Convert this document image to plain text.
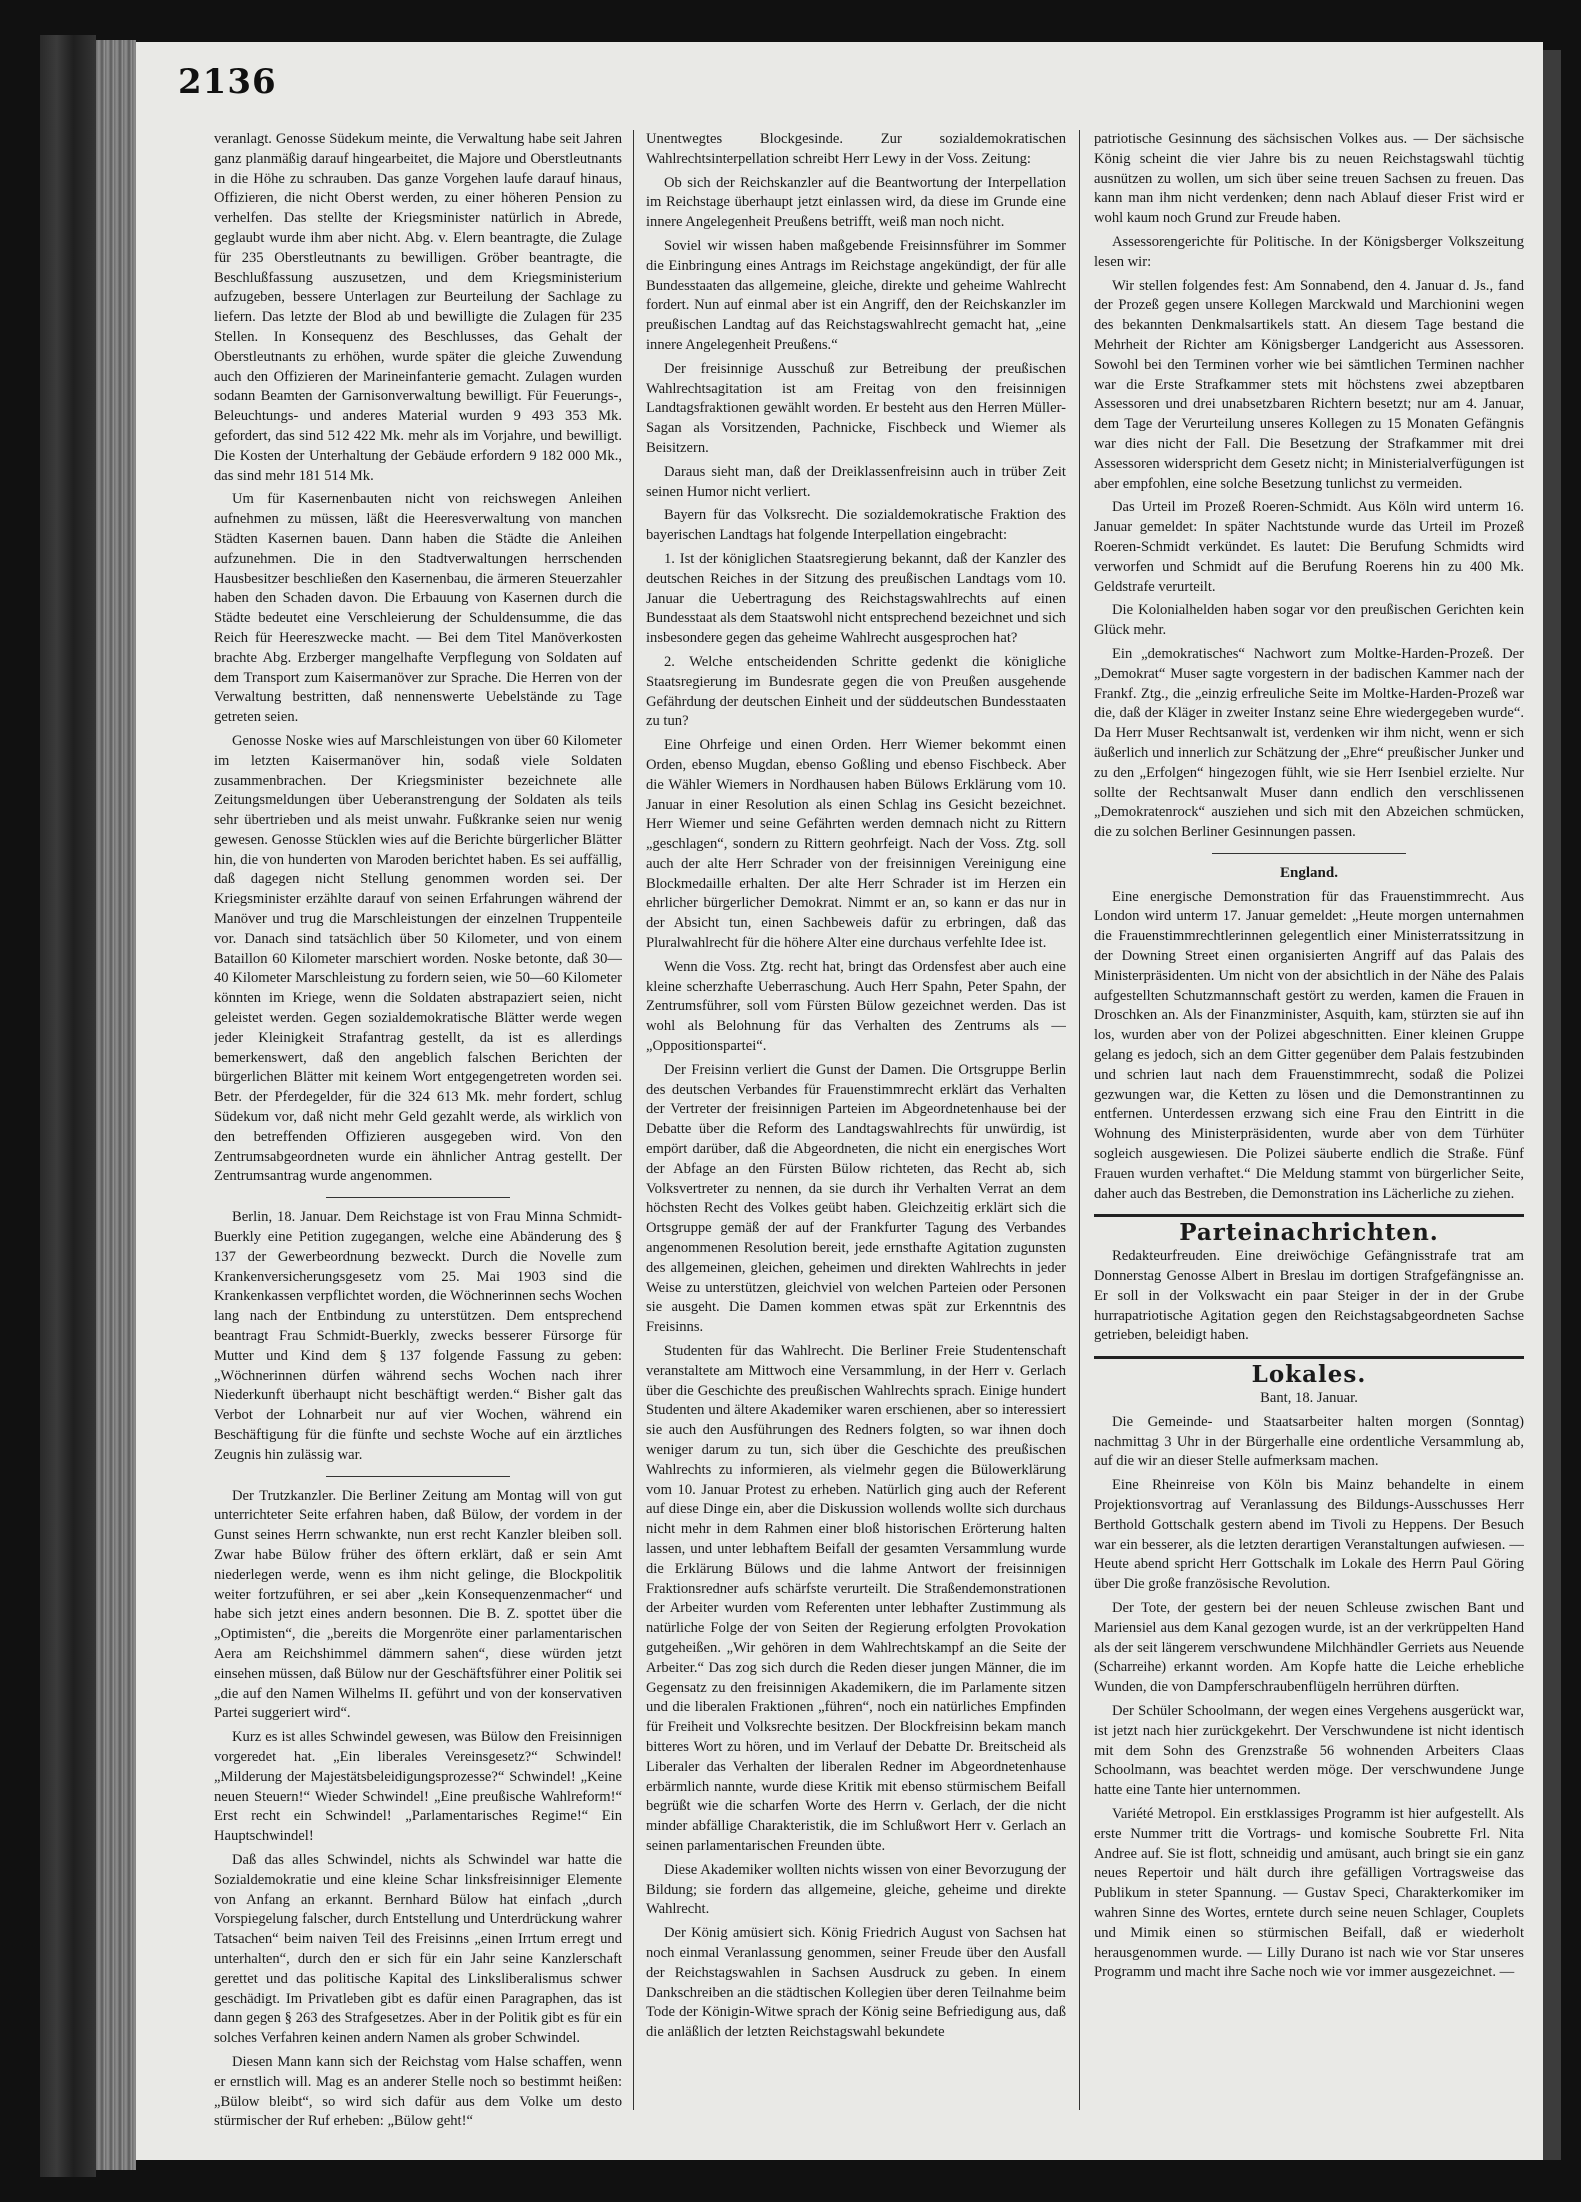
2136

veranlagt. Genosse Südekum meinte, die Verwaltung habe seit Jahren ganz planmäßig darauf hingearbeitet, die Majore und Oberstleutnants in die Höhe zu schrauben. Das ganze Vorgehen laufe darauf hinaus, Offizieren, die nicht Oberst werden, zu einer höheren Pension zu verhelfen. Das stellte der Kriegsminister natürlich in Abrede, geglaubt wurde ihm aber nicht. Abg. v. Elern beantragte, die Zulage für 235 Oberstleutnants zu bewilligen. Gröber beantragte, die Beschlußfassung auszusetzen, und dem Kriegsministerium aufzugeben, bessere Unterlagen zur Beurteilung der Sachlage zu liefern. Das letzte der Blod ab und bewilligte die Zulagen für 235 Stellen. In Konsequenz des Beschlusses, das Gehalt der Oberstleutnants zu erhöhen, wurde später die gleiche Zuwendung auch den Offizieren der Marineinfanterie gemacht. Zulagen wurden sodann Beamten der Garnisonverwaltung bewilligt. Für Feuerungs-, Beleuchtungs- und anderes Material wurden 9 493 353 Mk. gefordert, das sind 512 422 Mk. mehr als im Vorjahre, und bewilligt. Die Kosten der Unterhaltung der Gebäude erfordern 9 182 000 Mk., das sind mehr 181 514 Mk.

Um für Kasernenbauten nicht von reichswegen Anleihen aufnehmen zu müssen, läßt die Heeresverwaltung von manchen Städten Kasernen bauen. Dann haben die Städte die Anleihen aufzunehmen. Die in den Stadtverwaltungen herrschenden Hausbesitzer beschließen den Kasernenbau, die ärmeren Steuerzahler haben den Schaden davon. Die Erbauung von Kasernen durch die Städte bedeutet eine Verschleierung der Schuldensumme, die das Reich für Heereszwecke macht. — Bei dem Titel Manöverkosten brachte Abg. Erzberger mangelhafte Verpflegung von Soldaten auf dem Transport zum Kaisermanöver zur Sprache. Die Herren von der Verwaltung bestritten, daß nennenswerte Uebelstände zu Tage getreten seien.

Genosse Noske wies auf Marschleistungen von über 60 Kilometer im letzten Kaisermanöver hin, sodaß viele Soldaten zusammenbrachen. Der Kriegsminister bezeichnete alle Zeitungsmeldungen über Ueberanstrengung der Soldaten als teils sehr übertrieben und als meist unwahr. Fußkranke seien nur wenig gewesen. Genosse Stücklen wies auf die Berichte bürgerlicher Blätter hin, die von hunderten von Maroden berichtet haben. Es sei auffällig, daß dagegen nicht Stellung genommen worden sei. Der Kriegsminister erzählte darauf von seinen Erfahrungen während der Manöver und trug die Marschleistungen der einzelnen Truppenteile vor. Danach sind tatsächlich über 50 Kilometer, und von einem Bataillon 60 Kilometer marschiert worden. Noske betonte, daß 30—40 Kilometer Marschleistung zu fordern seien, wie 50—60 Kilometer könnten im Kriege, wenn die Soldaten abstrapaziert seien, nicht geleistet werden. Gegen sozialdemokratische Blätter werde wegen jeder Kleinigkeit Strafantrag gestellt, da ist es allerdings bemerkenswert, daß den angeblich falschen Berichten der bürgerlichen Blätter mit keinem Wort entgegengetreten worden sei. Betr. der Pferdegelder, für die 324 613 Mk. mehr fordert, schlug Südekum vor, daß nicht mehr Geld gezahlt werde, als wirklich von den betreffenden Offizieren ausgegeben wird. Von den Zentrumsabgeordneten wurde ein ähnlicher Antrag gestellt. Der Zentrumsantrag wurde angenommen.

Berlin, 18. Januar. Dem Reichstage ist von Frau Minna Schmidt-Buerkly eine Petition zugegangen, welche eine Abänderung des § 137 der Gewerbeordnung bezweckt. Durch die Novelle zum Krankenversicherungsgesetz vom 25. Mai 1903 sind die Krankenkassen verpflichtet worden, die Wöchnerinnen sechs Wochen lang nach der Entbindung zu unterstützen. Dem entsprechend beantragt Frau Schmidt-Buerkly, zwecks besserer Fürsorge für Mutter und Kind dem § 137 folgende Fassung zu geben: „Wöchnerinnen dürfen während sechs Wochen nach ihrer Niederkunft überhaupt nicht beschäftigt werden.“ Bisher galt das Verbot der Lohnarbeit nur auf vier Wochen, während ein Beschäftigung für die fünfte und sechste Woche auf ein ärztliches Zeugnis hin zulässig war.

Der Trutzkanzler. Die Berliner Zeitung am Montag will von gut unterrichteter Seite erfahren haben, daß Bülow, der vordem in der Gunst seines Herrn schwankte, nun erst recht Kanzler bleiben soll. Zwar habe Bülow früher des öftern erklärt, daß er sein Amt niederlegen werde, wenn es ihm nicht gelinge, die Blockpolitik weiter fortzuführen, er sei aber „kein Konsequenzenmacher“ und habe sich jetzt eines andern besonnen. Die B. Z. spottet über die „Optimisten“, die „bereits die Morgenröte einer parlamentarischen Aera am Reichshimmel dämmern sahen“, diese würden jetzt einsehen müssen, daß Bülow nur der Geschäftsführer einer Politik sei „die auf den Namen Wilhelms II. geführt und von der konservativen Partei suggeriert wird“.

Kurz es ist alles Schwindel gewesen, was Bülow den Freisinnigen vorgeredet hat. „Ein liberales Vereinsgesetz?“ Schwindel! „Milderung der Majestätsbeleidigungsprozesse?“ Schwindel! „Keine neuen Steuern!“ Wieder Schwindel! „Eine preußische Wahlreform!“ Erst recht ein Schwindel! „Parlamentarisches Regime!“ Ein Hauptschwindel!

Daß das alles Schwindel, nichts als Schwindel war hatte die Sozialdemokratie und eine kleine Schar linksfreisinniger Elemente von Anfang an erkannt. Bernhard Bülow hat einfach „durch Vorspiegelung falscher, durch Entstellung und Unterdrückung wahrer Tatsachen“ beim naiven Teil des Freisinns „einen Irrtum erregt und unterhalten“, durch den er sich für ein Jahr seine Kanzlerschaft gerettet und das politische Kapital des Linksliberalismus schwer geschädigt. Im Privatleben gibt es dafür einen Paragraphen, das ist dann gegen § 263 des Strafgesetzes. Aber in der Politik gibt es für ein solches Verfahren keinen andern Namen als grober Schwindel.

Diesen Mann kann sich der Reichstag vom Halse schaffen, wenn er ernstlich will. Mag es an anderer Stelle noch so bestimmt heißen: „Bülow bleibt“, so wird sich dafür aus dem Volke um desto stürmischer der Ruf erheben: „Bülow geht!“

Unentwegtes Blockgesinde. Zur sozialdemokratischen Wahlrechtsinterpellation schreibt Herr Lewy in der Voss. Zeitung:

Ob sich der Reichskanzler auf die Beantwortung der Interpellation im Reichstage überhaupt jetzt einlassen wird, da diese im Grunde eine innere Angelegenheit Preußens betrifft, weiß man noch nicht.

Soviel wir wissen haben maßgebende Freisinnsführer im Sommer die Einbringung eines Antrags im Reichstage angekündigt, der für alle Bundesstaaten das allgemeine, gleiche, direkte und geheime Wahlrecht fordert. Nun auf einmal aber ist ein Angriff, den der Reichskanzler im preußischen Landtag auf das Reichstagswahlrecht gemacht hat, „eine innere Angelegenheit Preußens.“

Der freisinnige Ausschuß zur Betreibung der preußischen Wahlrechtsagitation ist am Freitag von den freisinnigen Landtagsfraktionen gewählt worden. Er besteht aus den Herren Müller-Sagan als Vorsitzenden, Pachnicke, Fischbeck und Wiemer als Beisitzern.

Daraus sieht man, daß der Dreiklassenfreisinn auch in trüber Zeit seinen Humor nicht verliert.

Bayern für das Volksrecht. Die sozialdemokratische Fraktion des bayerischen Landtags hat folgende Interpellation eingebracht:

1. Ist der königlichen Staatsregierung bekannt, daß der Kanzler des deutschen Reiches in der Sitzung des preußischen Landtags vom 10. Januar die Uebertragung des Reichstagswahlrechts auf einen Bundesstaat als dem Staatswohl nicht entsprechend bezeichnet und sich insbesondere gegen das geheime Wahlrecht ausgesprochen hat?

2. Welche entscheidenden Schritte gedenkt die königliche Staatsregierung im Bundesrate gegen die von Preußen ausgehende Gefährdung der deutschen Einheit und der süddeutschen Bundesstaaten zu tun?

Eine Ohrfeige und einen Orden. Herr Wiemer bekommt einen Orden, ebenso Mugdan, ebenso Goßling und ebenso Fischbeck. Aber die Wähler Wiemers in Nordhausen haben Bülows Erklärung vom 10. Januar in einer Resolution als einen Schlag ins Gesicht bezeichnet. Herr Wiemer und seine Gefährten werden demnach nicht zu Rittern „geschlagen“, sondern zu Rittern geohrfeigt. Nach der Voss. Ztg. soll auch der alte Herr Schrader von der freisinnigen Vereinigung eine Blockmedaille erhalten. Der alte Herr Schrader ist im Herzen ein ehrlicher bürgerlicher Demokrat. Nimmt er an, so kann er das nur in der Absicht tun, einen Sachbeweis dafür zu erbringen, daß das Pluralwahlrecht für die höhere Alter eine durchaus verfehlte Idee ist.

Wenn die Voss. Ztg. recht hat, bringt das Ordensfest aber auch eine kleine scherzhafte Ueberraschung. Auch Herr Spahn, Peter Spahn, der Zentrumsführer, soll vom Fürsten Bülow gezeichnet werden. Das ist wohl als Belohnung für das Verhalten des Zentrums als — „Oppositionspartei“.

Der Freisinn verliert die Gunst der Damen. Die Ortsgruppe Berlin des deutschen Verbandes für Frauenstimmrecht erklärt das Verhalten der Vertreter der freisinnigen Parteien im Abgeordnetenhause bei der Debatte über die Reform des Landtagswahlrechts für unwürdig, ist empört darüber, daß die Abgeordneten, die nicht ein energisches Wort der Abfage an den Fürsten Bülow richteten, das Recht ab, sich Volksvertreter zu nennen, da sie durch ihr Verhalten Verrat an dem höchsten Recht des Volkes geübt haben. Gleichzeitig erklärt sich die Ortsgruppe gemäß der auf der Frankfurter Tagung des Verbandes angenommenen Resolution bereit, jede ernsthafte Agitation zugunsten des allgemeinen, gleichen, geheimen und direkten Wahlrechts in jeder Weise zu unterstützen, gleichviel von welchen Parteien oder Personen sie ausgeht. Die Damen kommen etwas spät zur Erkenntnis des Freisinns.

Studenten für das Wahlrecht. Die Berliner Freie Studentenschaft veranstaltete am Mittwoch eine Versammlung, in der Herr v. Gerlach über die Geschichte des preußischen Wahlrechts sprach. Einige hundert Studenten und ältere Akademiker waren erschienen, aber so interessiert sie auch den Ausführungen des Redners folgten, so war ihnen doch weniger darum zu tun, sich über die Geschichte des preußischen Wahlrechts zu informieren, als vielmehr gegen die Bülowerklärung vom 10. Januar Protest zu erheben. Natürlich ging auch der Referent auf diese Dinge ein, aber die Diskussion wollends wollte sich durchaus nicht mehr in dem Rahmen einer bloß historischen Erörterung halten lassen, und unter lebhaftem Beifall der gesamten Versammlung wurde die Erklärung Bülows und die lahme Antwort der freisinnigen Fraktionsredner aufs schärfste verurteilt. Die Straßendemonstrationen der Arbeiter wurden vom Referenten unter lebhafter Zustimmung als natürliche Folge der von Seiten der Regierung erfolgten Provokation gutgeheißen. „Wir gehören in dem Wahlrechtskampf an die Seite der Arbeiter.“ Das zog sich durch die Reden dieser jungen Männer, die im Gegensatz zu den freisinnigen Akademikern, die im Parlamente sitzen und die liberalen Fraktionen „führen“, noch ein natürliches Empfinden für Freiheit und Volksrechte besitzen. Der Blockfreisinn bekam manch bitteres Wort zu hören, und im Verlauf der Debatte Dr. Breitscheid als Liberaler das Verhalten der liberalen Redner im Abgeordnetenhause erbärmlich nannte, wurde diese Kritik mit ebenso stürmischem Beifall begrüßt wie die scharfen Worte des Herrn v. Gerlach, der die nicht minder abfällige Charakteristik, die im Schlußwort Herr v. Gerlach an seinen parlamentarischen Freunden übte.

Diese Akademiker wollten nichts wissen von einer Bevorzugung der Bildung; sie fordern das allgemeine, gleiche, geheime und direkte Wahlrecht.

Der König amüsiert sich. König Friedrich August von Sachsen hat noch einmal Veranlassung genommen, seiner Freude über den Ausfall der Reichstagswahlen in Sachsen Ausdruck zu geben. In einem Dankschreiben an die städtischen Kollegien über deren Teilnahme beim Tode der Königin-Witwe sprach der König seine Befriedigung aus, daß die anläßlich der letzten Reichstagswahl bekundete

patriotische Gesinnung des sächsischen Volkes aus. — Der sächsische König scheint die vier Jahre bis zu neuen Reichstagswahl tüchtig ausnützen zu wollen, um sich über seine treuen Sachsen zu freuen. Das kann man ihm nicht verdenken; denn nach Ablauf dieser Frist wird er wohl kaum noch Grund zur Freude haben.

Assessorengerichte für Politische. In der Königsberger Volkszeitung lesen wir:

Wir stellen folgendes fest: Am Sonnabend, den 4. Januar d. Js., fand der Prozeß gegen unsere Kollegen Marckwald und Marchionini wegen des bekannten Denkmalsartikels statt. An diesem Tage bestand die Mehrheit der Richter am Königsberger Landgericht aus Assessoren. Sowohl bei den Terminen vorher wie bei sämtlichen Terminen nachher war die Erste Strafkammer stets mit höchstens zwei abzeptbaren Assessoren und drei unabsetzbaren Richtern besetzt; nur am 4. Januar, dem Tage der Verurteilung unseres Kollegen zu 15 Monaten Gefängnis war dies nicht der Fall. Die Besetzung der Strafkammer mit drei Assessoren widerspricht dem Gesetz nicht; in Ministerialverfügungen ist aber empfohlen, eine solche Besetzung tunlichst zu vermeiden.

Das Urteil im Prozeß Roeren-Schmidt. Aus Köln wird unterm 16. Januar gemeldet: In später Nachtstunde wurde das Urteil im Prozeß Roeren-Schmidt verkündet. Es lautet: Die Berufung Schmidts wird verworfen und Schmidt auf die Berufung Roerens hin zu 400 Mk. Geldstrafe verurteilt.

Die Kolonialhelden haben sogar vor den preußischen Gerichten kein Glück mehr.

Ein „demokratisches“ Nachwort zum Moltke-Harden-Prozeß. Der „Demokrat“ Muser sagte vorgestern in der badischen Kammer nach der Frankf. Ztg., die „einzig erfreuliche Seite im Moltke-Harden-Prozeß war die, daß der Kläger in zweiter Instanz seine Ehre wiedergegeben wurde“. Da Herr Muser Rechtsanwalt ist, verdenken wir ihm nicht, wenn er sich äußerlich und innerlich zur Schätzung der „Ehre“ preußischer Junker und zu den „Erfolgen“ hingezogen fühlt, wie sie Herr Isenbiel erzielte. Nur sollte der Rechtsanwalt Muser dann endlich den verschlissenen „Demokratenrock“ ausziehen und sich mit den Abzeichen schmücken, die zu solchen Berliner Gesinnungen passen.

England.

Eine energische Demonstration für das Frauenstimmrecht. Aus London wird unterm 17. Januar gemeldet: „Heute morgen unternahmen die Frauenstimmrechtlerinnen gelegentlich einer Ministerratssitzung in der Downing Street einen organisierten Angriff auf das Palais des Ministerpräsidenten. Um nicht von der absichtlich in der Nähe des Palais aufgestellten Schutzmannschaft gestört zu werden, kamen die Frauen in Droschken an. Als der Finanzminister, Asquith, kam, stürzten sie auf ihn los, wurden aber von der Polizei abgeschnitten. Einer kleinen Gruppe gelang es jedoch, sich an dem Gitter gegenüber dem Palais festzubinden und schrien laut nach dem Frauenstimmrecht, sodaß die Polizei gezwungen war, die Ketten zu lösen und die Demonstrantinnen zu entfernen. Unterdessen erzwang sich eine Frau den Eintritt in die Wohnung des Ministerpräsidenten, wurde aber von dem Türhüter sogleich ausgewiesen. Die Polizei säuberte endlich die Straße. Fünf Frauen wurden verhaftet.“ Die Meldung stammt von bürgerlicher Seite, daher auch das Bestreben, die Demonstration ins Lächerliche zu ziehen.

Parteinachrichten.

Redakteurfreuden. Eine dreiwöchige Gefängnisstrafe trat am Donnerstag Genosse Albert in Breslau im dortigen Strafgefängnisse an. Er soll in der Volkswacht ein paar Steiger in der in der Grube hurrapatriotische Agitation gegen den Reichstagsabgeordneten Sachse getrieben, beleidigt haben.

Lokales.

Bant, 18. Januar.

Die Gemeinde- und Staatsarbeiter halten morgen (Sonntag) nachmittag 3 Uhr in der Bürgerhalle eine ordentliche Versammlung ab, auf die wir an dieser Stelle aufmerksam machen.

Eine Rheinreise von Köln bis Mainz behandelte in einem Projektionsvortrag auf Veranlassung des Bildungs-Ausschusses Herr Berthold Gottschalk gestern abend im Tivoli zu Heppens. Der Besuch war ein besserer, als die letzten derartigen Veranstaltungen aufwiesen. — Heute abend spricht Herr Gottschalk im Lokale des Herrn Paul Göring über Die große französische Revolution.

Der Tote, der gestern bei der neuen Schleuse zwischen Bant und Mariensiel aus dem Kanal gezogen wurde, ist an der verkrüppelten Hand als der seit längerem verschwundene Milchhändler Gerriets aus Neuende (Scharreihe) erkannt worden. Am Kopfe hatte die Leiche erhebliche Wunden, die von Dampferschraubenflügeln herrühren dürften.

Der Schüler Schoolmann, der wegen eines Vergehens ausgerückt war, ist jetzt nach hier zurückgekehrt. Der Verschwundene ist nicht identisch mit dem Sohn des Grenzstraße 56 wohnenden Arbeiters Claas Schoolmann, was beachtet werden möge. Der verschwundene Junge hatte eine Tante hier unternommen.

Variété Metropol. Ein erstklassiges Programm ist hier aufgestellt. Als erste Nummer tritt die Vortrags- und komische Soubrette Frl. Nita Andree auf. Sie ist flott, schneidig und amüsant, auch bringt sie ein ganz neues Repertoir und hält durch ihre gefälligen Vortragsweise das Publikum in steter Spannung. — Gustav Speci, Charakterkomiker im wahren Sinne des Wortes, erntete durch seine neuen Schlager, Couplets und Mimik einen so stürmischen Beifall, daß er wiederholt herausgenommen wurde. — Lilly Durano ist nach wie vor Star unseres Programm und macht ihre Sache noch wie vor immer ausgezeichnet. —
